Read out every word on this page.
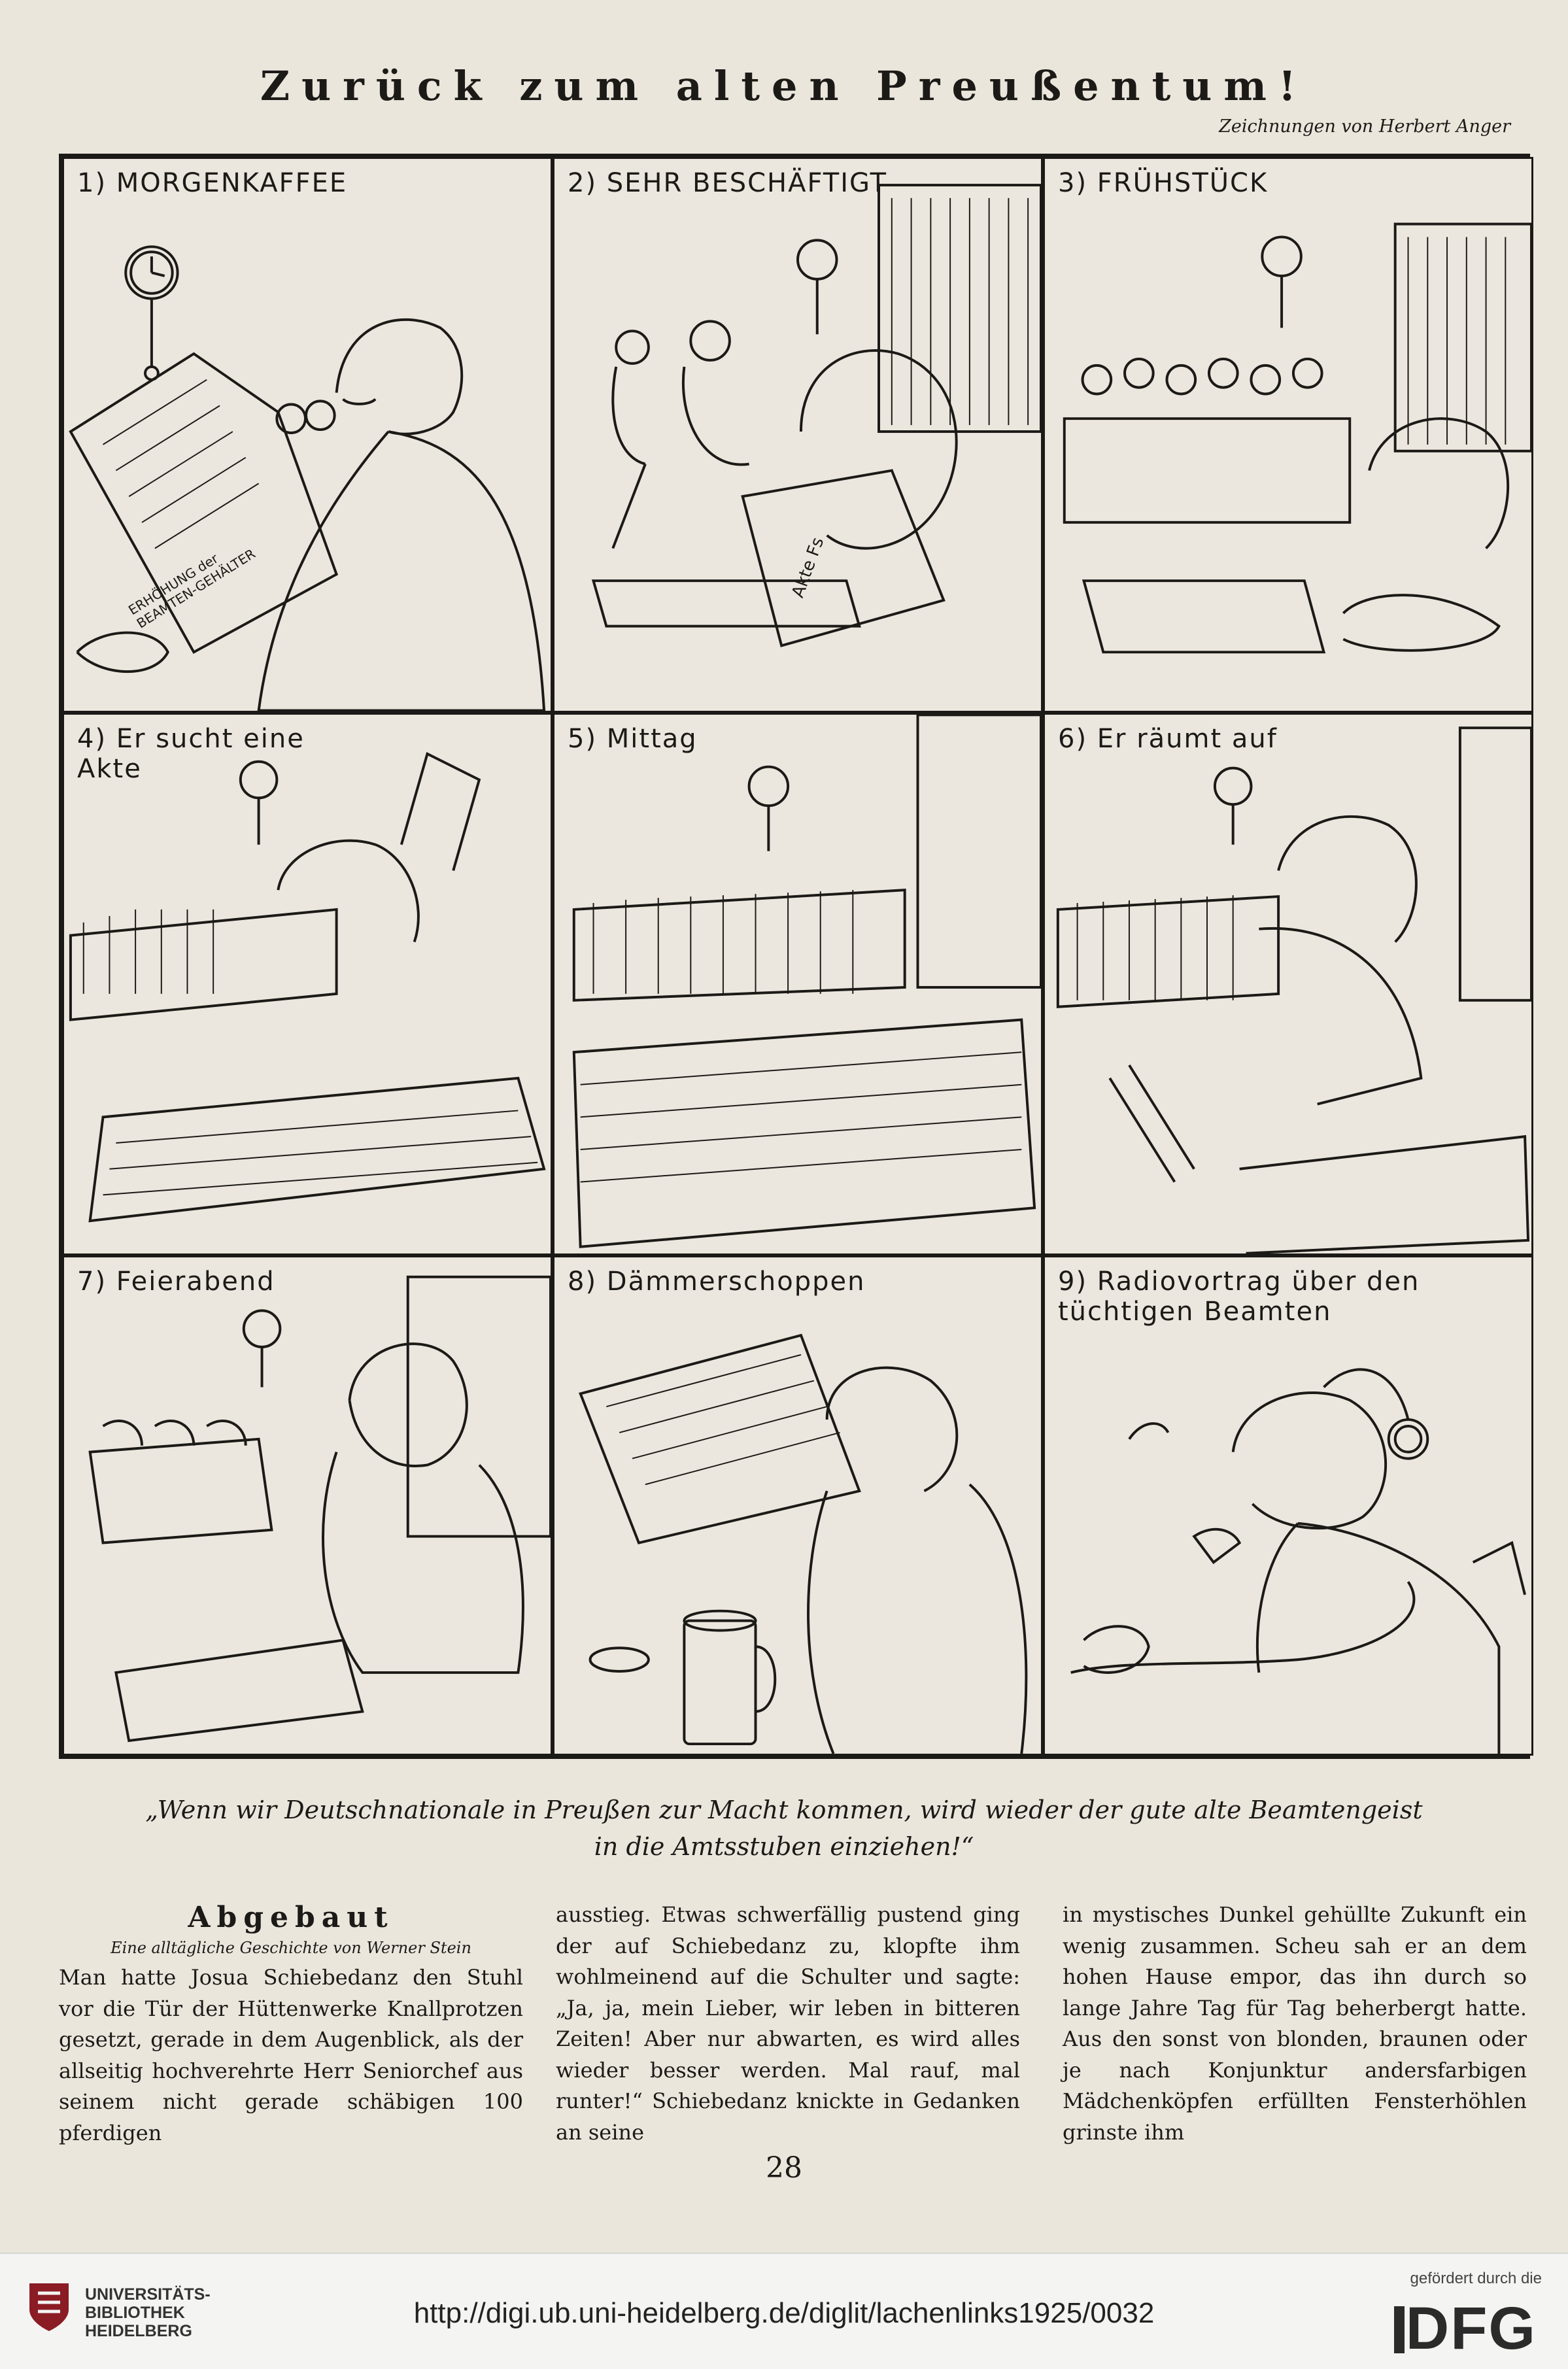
Zurück zum alten Preußentum!
Zeichnungen von Herbert Anger
1) MORGENKAFFEE
ERHÖHUNG der BEAMTEN-GEHÄLTER
2) SEHR BESCHÄFTIGT
Akte Fs
3) FRÜHSTÜCK
4) Er sucht eine
Akte
5) Mittag	6) Er räumt auf
7) Feierabend	8) Dämmerschoppen	9) Radiovortrag über den
tüchtigen Beamten
„Wenn wir Deutschnationale in Preußen zur Macht kommen, wird wieder der gute alte Beamtengeist
in die Amtsstuben einziehen!“
Abgebaut
Eine alltägliche Geschichte von Werner Stein
Man hatte Josua Schiebedanz den Stuhl vor die Tür der Hüttenwerke Knallprotzen gesetzt, gerade in dem Augenblick, als der allseitig hochverehrte Herr Seniorchef aus seinem nicht gerade schäbigen 100 pferdigen
ausstieg. Etwas schwerfällig pustend ging der auf Schiebedanz zu, klopfte ihm wohlmeinend auf die Schulter und sagte: „Ja, ja, mein Lieber, wir leben in bitteren Zeiten! Aber nur abwarten, es wird alles wieder besser werden. Mal rauf, mal runter!“ Schiebedanz knickte in Gedanken an seine
in mystisches Dunkel gehüllte Zukunft ein wenig zusammen. Scheu sah er an dem hohen Hause empor, das ihn durch so lange Jahre Tag für Tag beherbergt hatte. Aus den sonst von blonden, braunen oder je nach Konjunktur andersfarbigen Mädchenköpfen erfüllten Fensterhöhlen grinste ihm
28
UNIVERSITÄTS-
BIBLIOTHEK
HEIDELBERG
http://digi.ub.uni-heidelberg.de/diglit/lachenlinks1925/0032
gefördert durch die
DFG
